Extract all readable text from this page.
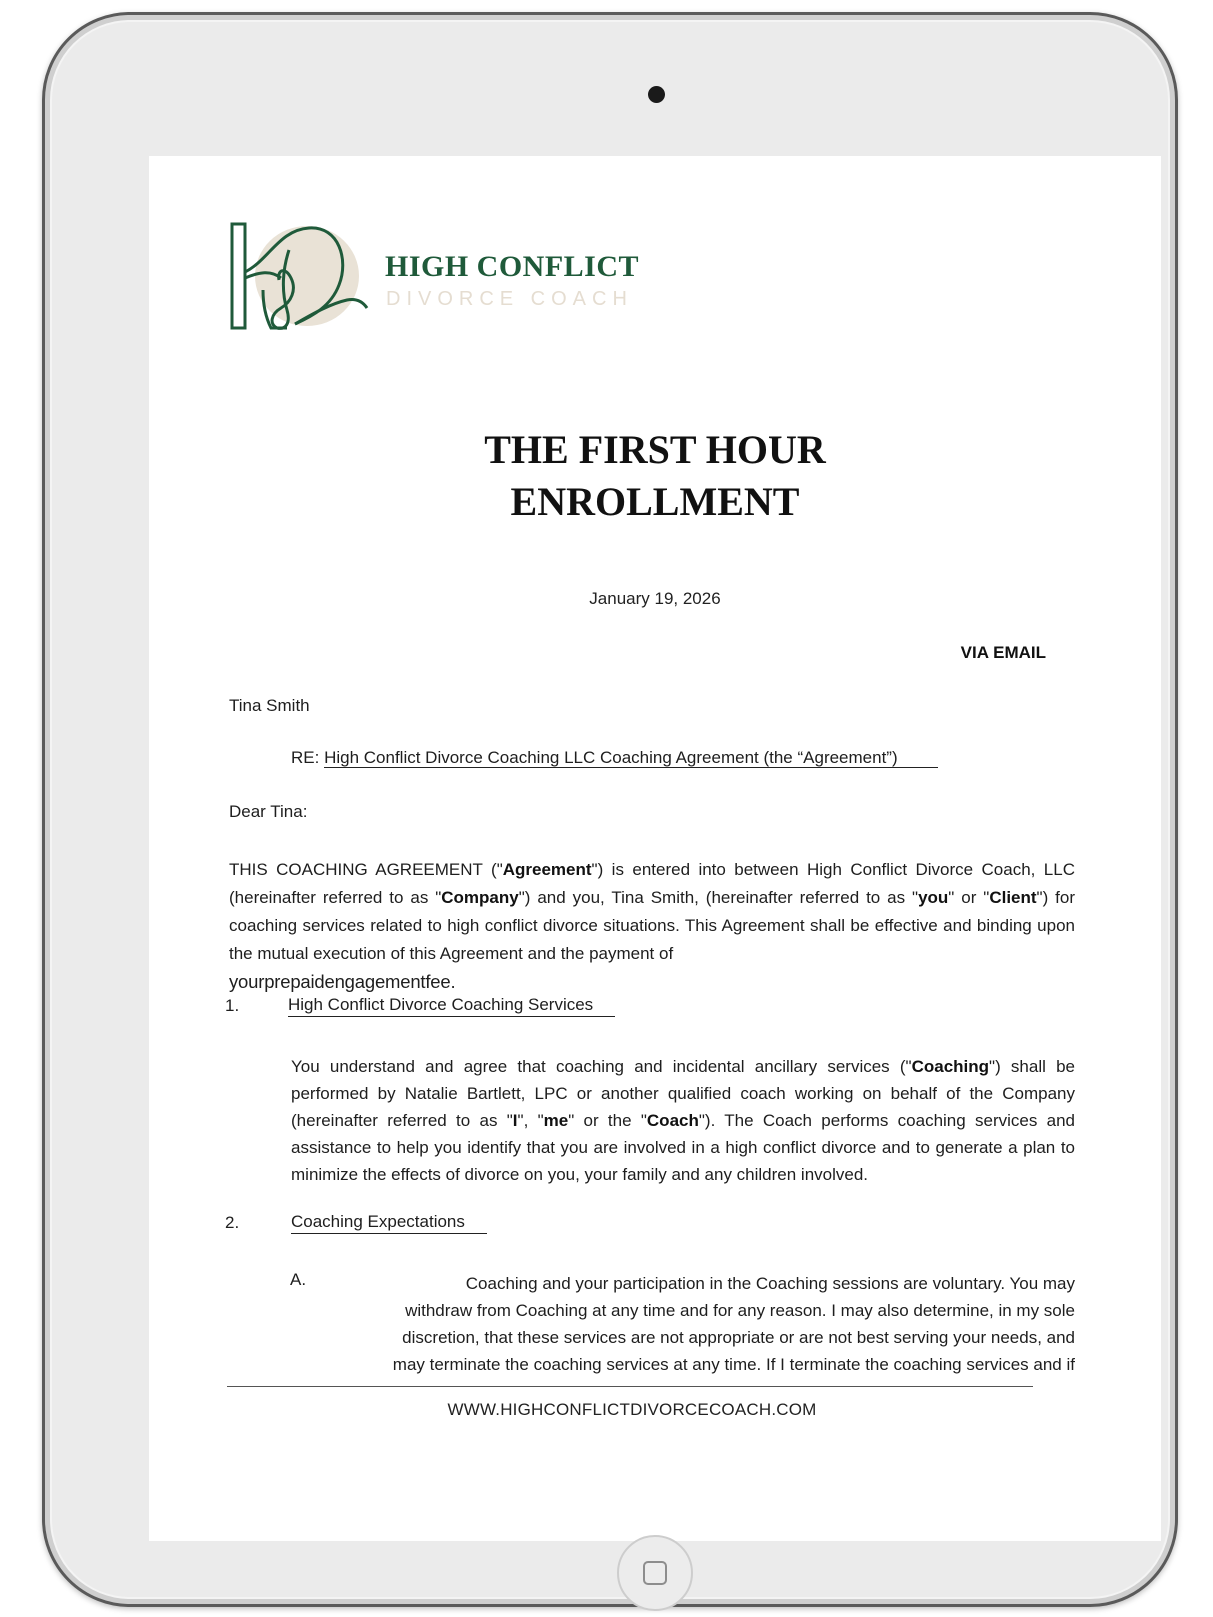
HIGH CONFLICT
DIVORCE COACH
THE FIRST HOUR
ENROLLMENT
January 19, 2026
VIA EMAIL
Tina Smith
RE: High Conflict Divorce Coaching LLC Coaching Agreement (the “Agreement”)
Dear Tina:
THIS COACHING AGREEMENT ("Agreement") is entered into between High Conflict Divorce Coach, LLC (hereinafter referred to as "Company") and you, Tina Smith, (hereinafter referred to as "you" or "Client") for coaching services related to high conflict divorce situations. This Agreement shall be effective and binding upon the mutual execution of this Agreement and the payment of
yourprepaidengagementfee.
1.	High Conflict Divorce Coaching Services
You understand and agree that coaching and incidental ancillary services ("Coaching") shall be performed by Natalie Bartlett, LPC or another qualified coach working on behalf of the Company (hereinafter referred to as "I", "me" or the "Coach"). The Coach performs coaching services and assistance to help you identify that you are involved in a high conflict divorce and to generate a plan to minimize the effects of divorce on you, your family and any children involved.
2.	Coaching Expectations
A.	Coaching and your participation in the Coaching sessions are voluntary. You may
withdraw from Coaching at any time and for any reason. I may also determine, in my sole
discretion, that these services are not appropriate or are not best serving your needs, and
may terminate the coaching services at any time. If I terminate the coaching services and if
WWW.HIGHCONFLICTDIVORCECOACH.COM
